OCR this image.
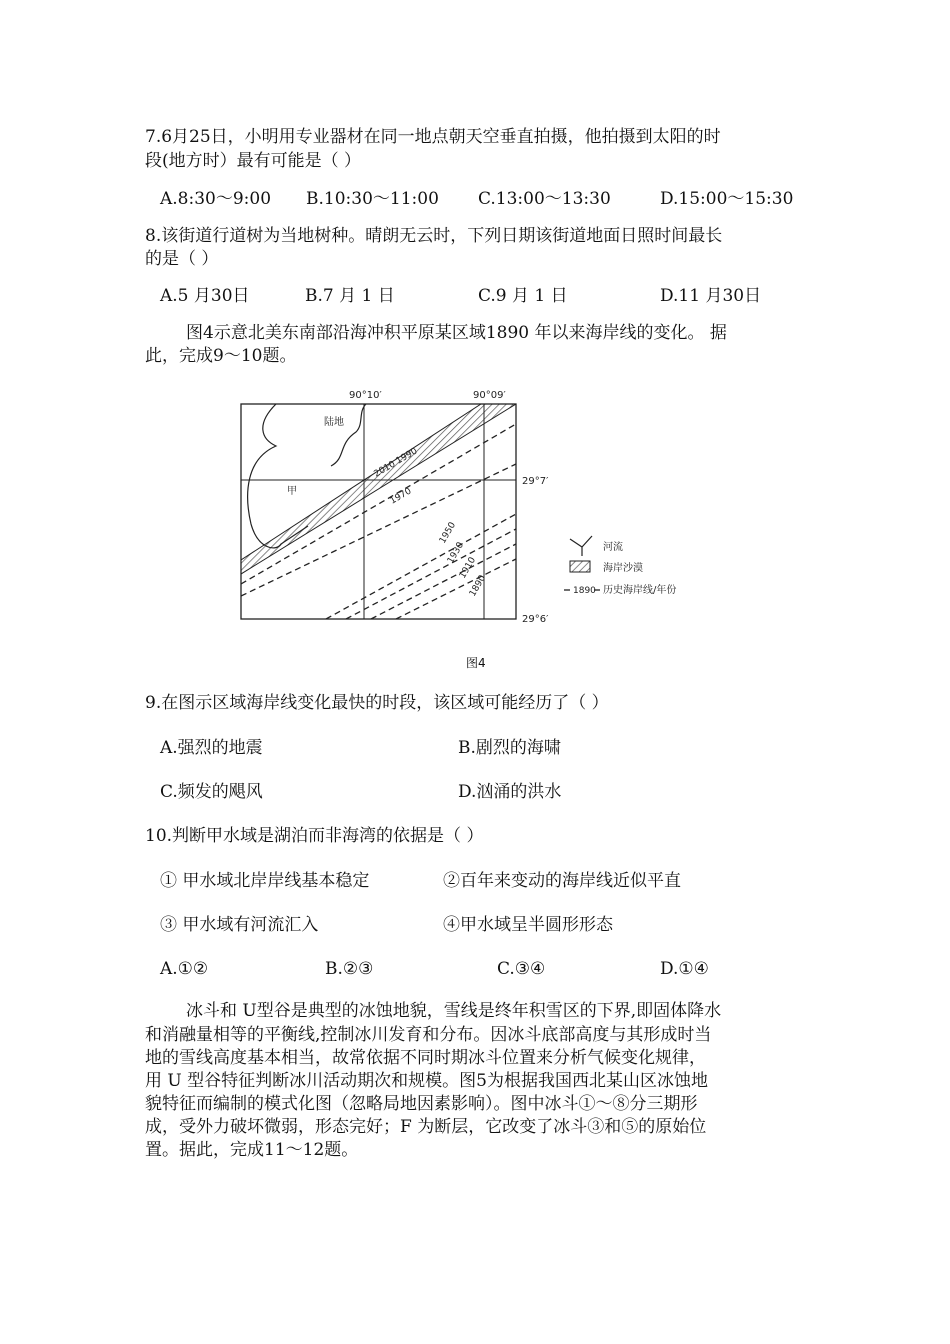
7.6月25日，小明用专业器材在同一地点朝天空垂直拍摄，他拍摄到太阳的时
段(地方时）最有可能是（ ）
A.8:30～9:00 B.10:30～11:00 C.13:00～13:30	D.15:00～15:30
8.该街道行道树为当地树种。晴朗无云时，下列日期该街道地面日照时间最长
的是（ ）
A.5 月30日	B.7 月 1 日	C.9 月 1 日	D.11 月30日
图4示意北美东南部沿海冲积平原某区域1890 年以来海岸线的变化。 据
此，完成9～10题。
90°10′	90°09′
陆地
甲
2010
1990
1970
1950
1930
1910
1890
29°7′
29°6′
河流
海岸沙漠
1890 历史海岸线/年份
图4
9.在图示区域海岸线变化最快的时段，该区域可能经历了（ ）
A.强烈的地震	B.剧烈的海啸
C.频发的飓风	D.汹涌的洪水
10.判断甲水域是湖泊而非海湾的依据是（ ）
① 甲水域北岸岸线基本稳定	②百年来变动的海岸线近似平直
③ 甲水域有河流汇入	④甲水域呈半圆形形态
A.①②	B.②③	C.③④	D.①④
冰斗和 U型谷是典型的冰蚀地貌，雪线是终年积雪区的下界,即固体降水
和消融量相等的平衡线,控制冰川发育和分布。因冰斗底部高度与其形成时当
地的雪线高度基本相当，故常依据不同时期冰斗位置来分析气候变化规律，
用 U 型谷特征判断冰川活动期次和规模。图5为根据我国西北某山区冰蚀地
貌特征而编制的模式化图（忽略局地因素影响）。图中冰斗①～⑧分三期形
成，受外力破坏微弱，形态完好；F 为断层，它改变了冰斗③和⑤的原始位
置。据此，完成11～12题。
